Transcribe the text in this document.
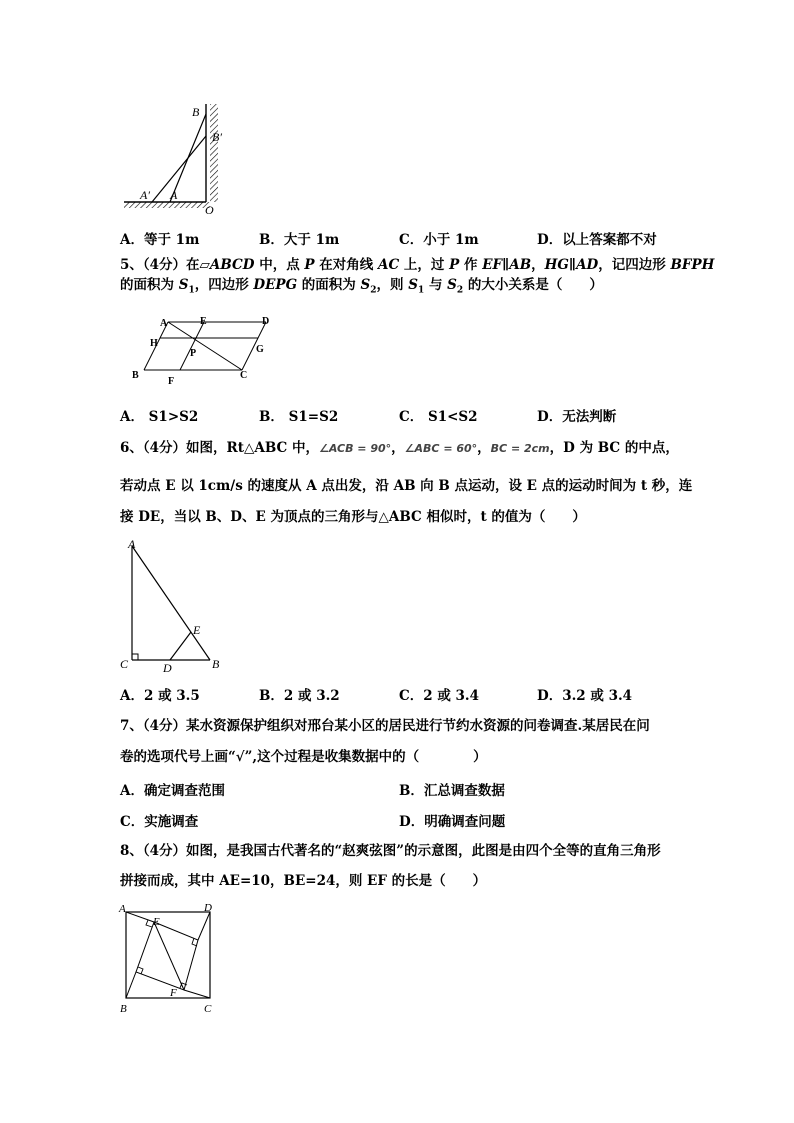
B
B′
A′ A
O
A．等于 1m	B．大于 1m	C．小于 1m	D．以上答案都不对
5、（4分）在▱ABCD 中，点 P 在对角线 AC 上，过 P 作 EF∥AB，HG∥AD，记四边形 BFPH
的面积为 $S_1$，四边形 DEPG 的面积为 $S_2$，则 $S_1$ 与 $S_2$ 的大小关系是（　　）
A	E	D
H
P	G
B
F
C
A． S1>S2	B． S1=S2	C． S1<S2	D．无法判断
6、（4分）如图，Rt△ABC 中，∠ACB = 90°，∠ABC = 60°，BC = 2cm，D 为 BC 的中点，
若动点 E 以 1cm/s 的速度从 A 点出发，沿 AB 向 B 点运动，设 E 点的运动时间为 t 秒，连
接 DE，当以 B、D、E 为顶点的三角形与△ABC 相似时，t 的值为（　　）
A
E
C	D	B
A．2 或 3.5	B．2 或 3.2	C．2 或 3.4	D．3.2 或 3.4
7、（4分）某水资源保护组织对邢台某小区的居民进行节约水资源的问卷调查.某居民在问
卷的选项代号上画“√”,这个过程是收集数据中的（　　　　）
A．确定调查范围	B．汇总调查数据
C．实施调查	D．明确调查问题
8、（4分）如图，是我国古代著名的“赵爽弦图”的示意图，此图是由四个全等的直角三角形
拼接而成，其中 AE=10，BE=24，则 EF 的长是（　　）
A
E
D
F
B	C
